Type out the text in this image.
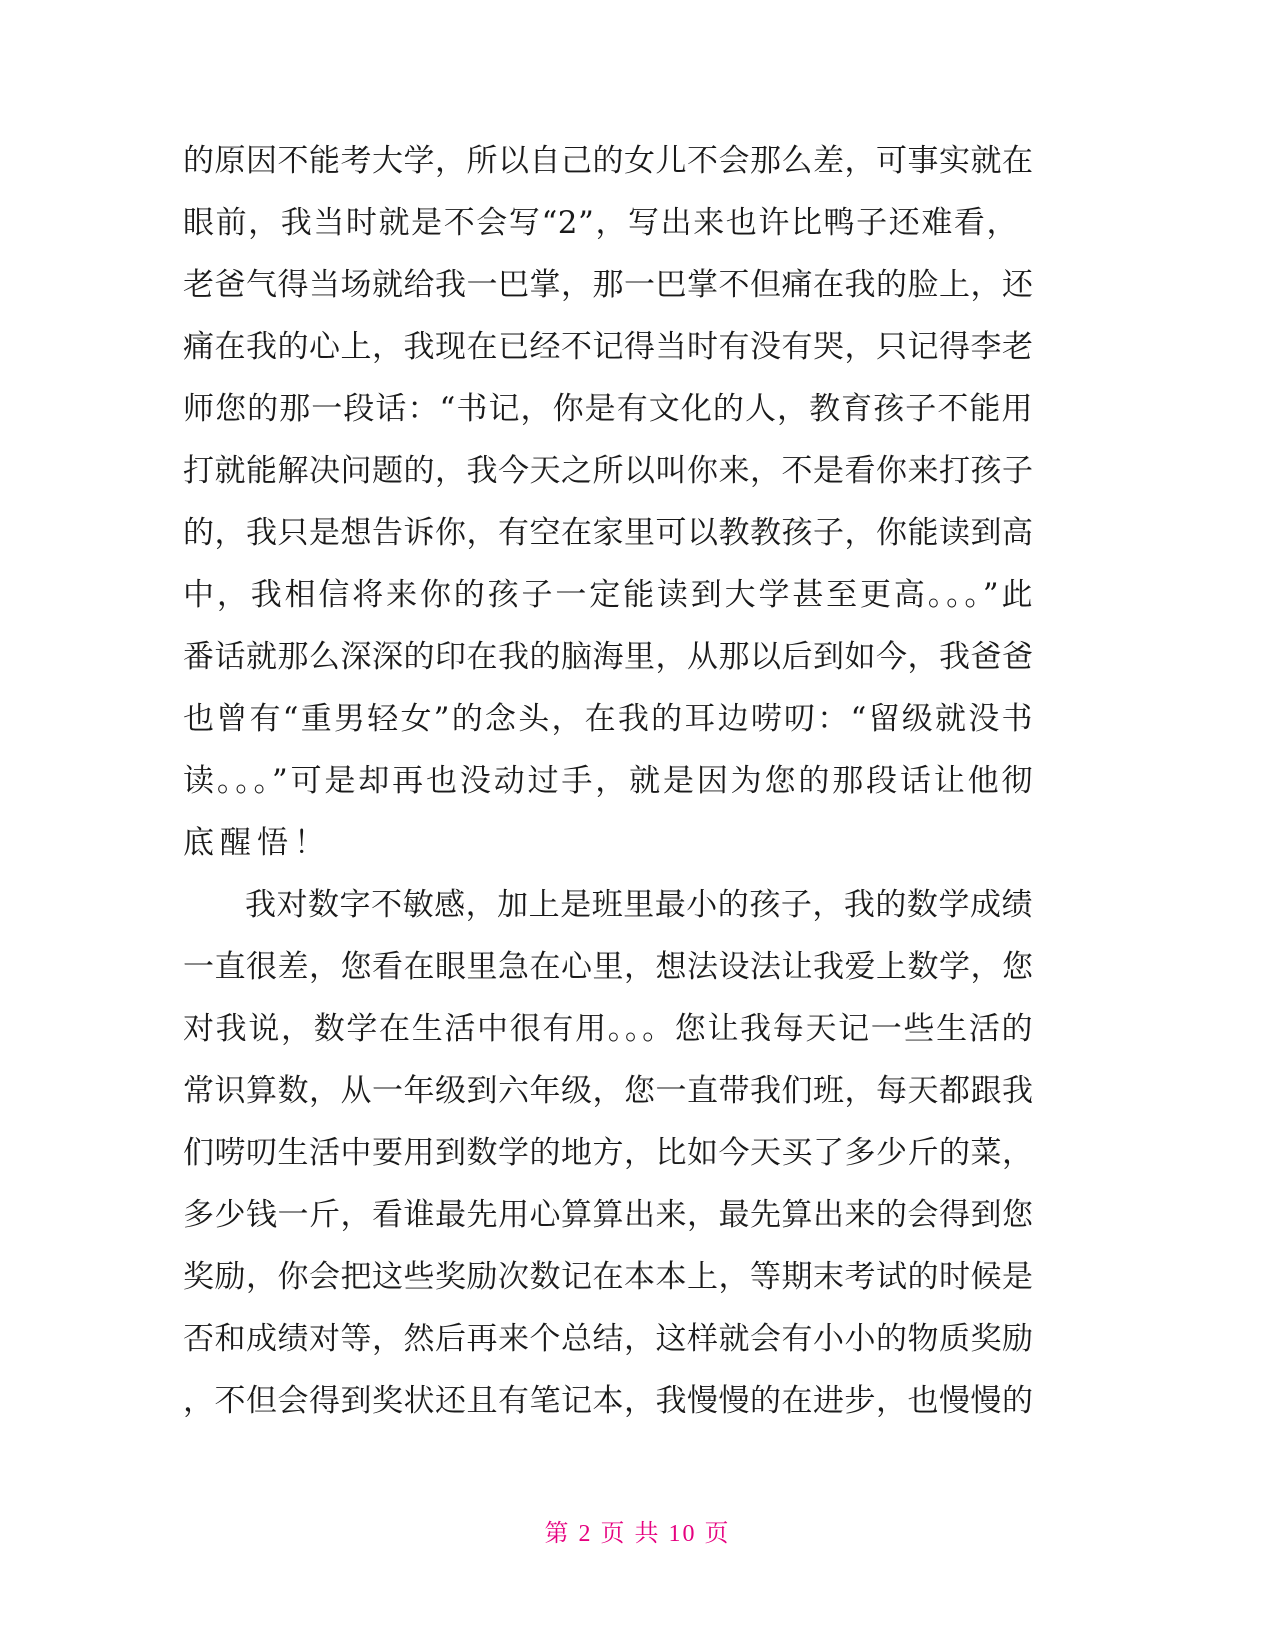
的原因不能考大学，所以自己的女儿不会那么差，可事实就在
眼前，我当时就是不会写“2”，写出来也许比鸭子还难看，
老爸气得当场就给我一巴掌，那一巴掌不但痛在我的脸上，还
痛在我的心上，我现在已经不记得当时有没有哭，只记得李老
师您的那一段话：“书记，你是有文化的人，教育孩子不能用
打就能解决问题的，我今天之所以叫你来，不是看你来打孩子
的，我只是想告诉你，有空在家里可以教教孩子，你能读到高
中，我相信将来你的孩子一定能读到大学甚至更高。。。”此
番话就那么深深的印在我的脑海里，从那以后到如今，我爸爸
也曾有“重男轻女”的念头，在我的耳边唠叨：“留级就没书
读。。。”可是却再也没动过手，就是因为您的那段话让他彻
底醒悟！
我对数字不敏感，加上是班里最小的孩子，我的数学成绩
一直很差，您看在眼里急在心里，想法设法让我爱上数学，您
对我说，数学在生活中很有用。。。您让我每天记一些生活的
常识算数，从一年级到六年级，您一直带我们班，每天都跟我
们唠叨生活中要用到数学的地方，比如今天买了多少斤的菜，
多少钱一斤，看谁最先用心算算出来，最先算出来的会得到您
奖励，你会把这些奖励次数记在本本上，等期末考试的时候是
否和成绩对等，然后再来个总结，这样就会有小小的物质奖励
，不但会得到奖状还且有笔记本，我慢慢的在进步，也慢慢的
第 2 页 共 10 页
